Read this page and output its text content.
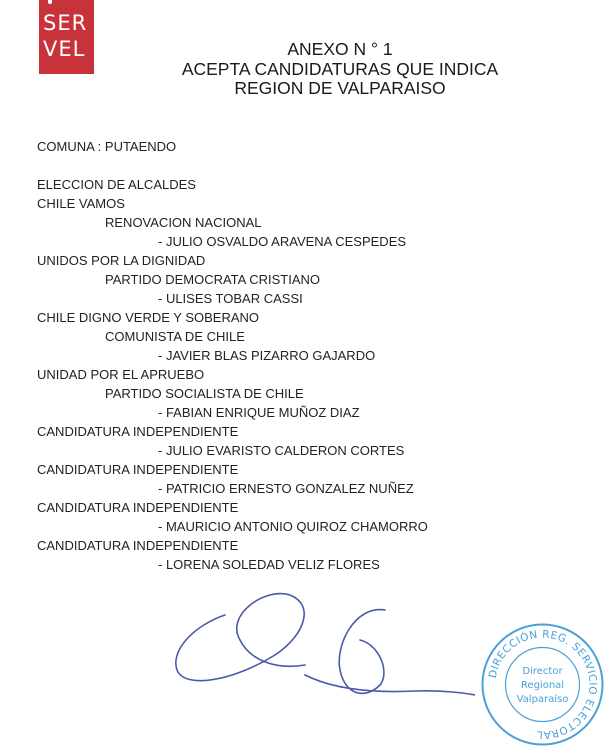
SER
VEL	ANEXO N ° 1
ACEPTA CANDIDATURAS QUE INDICA
REGION DE VALPARAISO
COMUNA : PUTAENDO
ELECCION DE ALCALDES
CHILE VAMOS
RENOVACION NACIONAL
- JULIO OSVALDO ARAVENA CESPEDES
UNIDOS POR LA DIGNIDAD
PARTIDO DEMOCRATA CRISTIANO
- ULISES TOBAR CASSI
CHILE DIGNO VERDE Y SOBERANO
COMUNISTA DE CHILE
- JAVIER BLAS PIZARRO GAJARDO
UNIDAD POR EL APRUEBO
PARTIDO SOCIALISTA DE CHILE
- FABIAN ENRIQUE MUÑOZ DIAZ
CANDIDATURA INDEPENDIENTE
- JULIO EVARISTO CALDERON CORTES
CANDIDATURA INDEPENDIENTE
- PATRICIO ERNESTO GONZALEZ NUÑEZ
CANDIDATURA INDEPENDIENTE
- MAURICIO ANTONIO QUIROZ CHAMORRO
CANDIDATURA INDEPENDIENTE
- LORENA SOLEDAD VELIZ FLORES
DIRECCIÓN REG. SERVICIO ELECTORAL
Director
Regional
Valparaíso
